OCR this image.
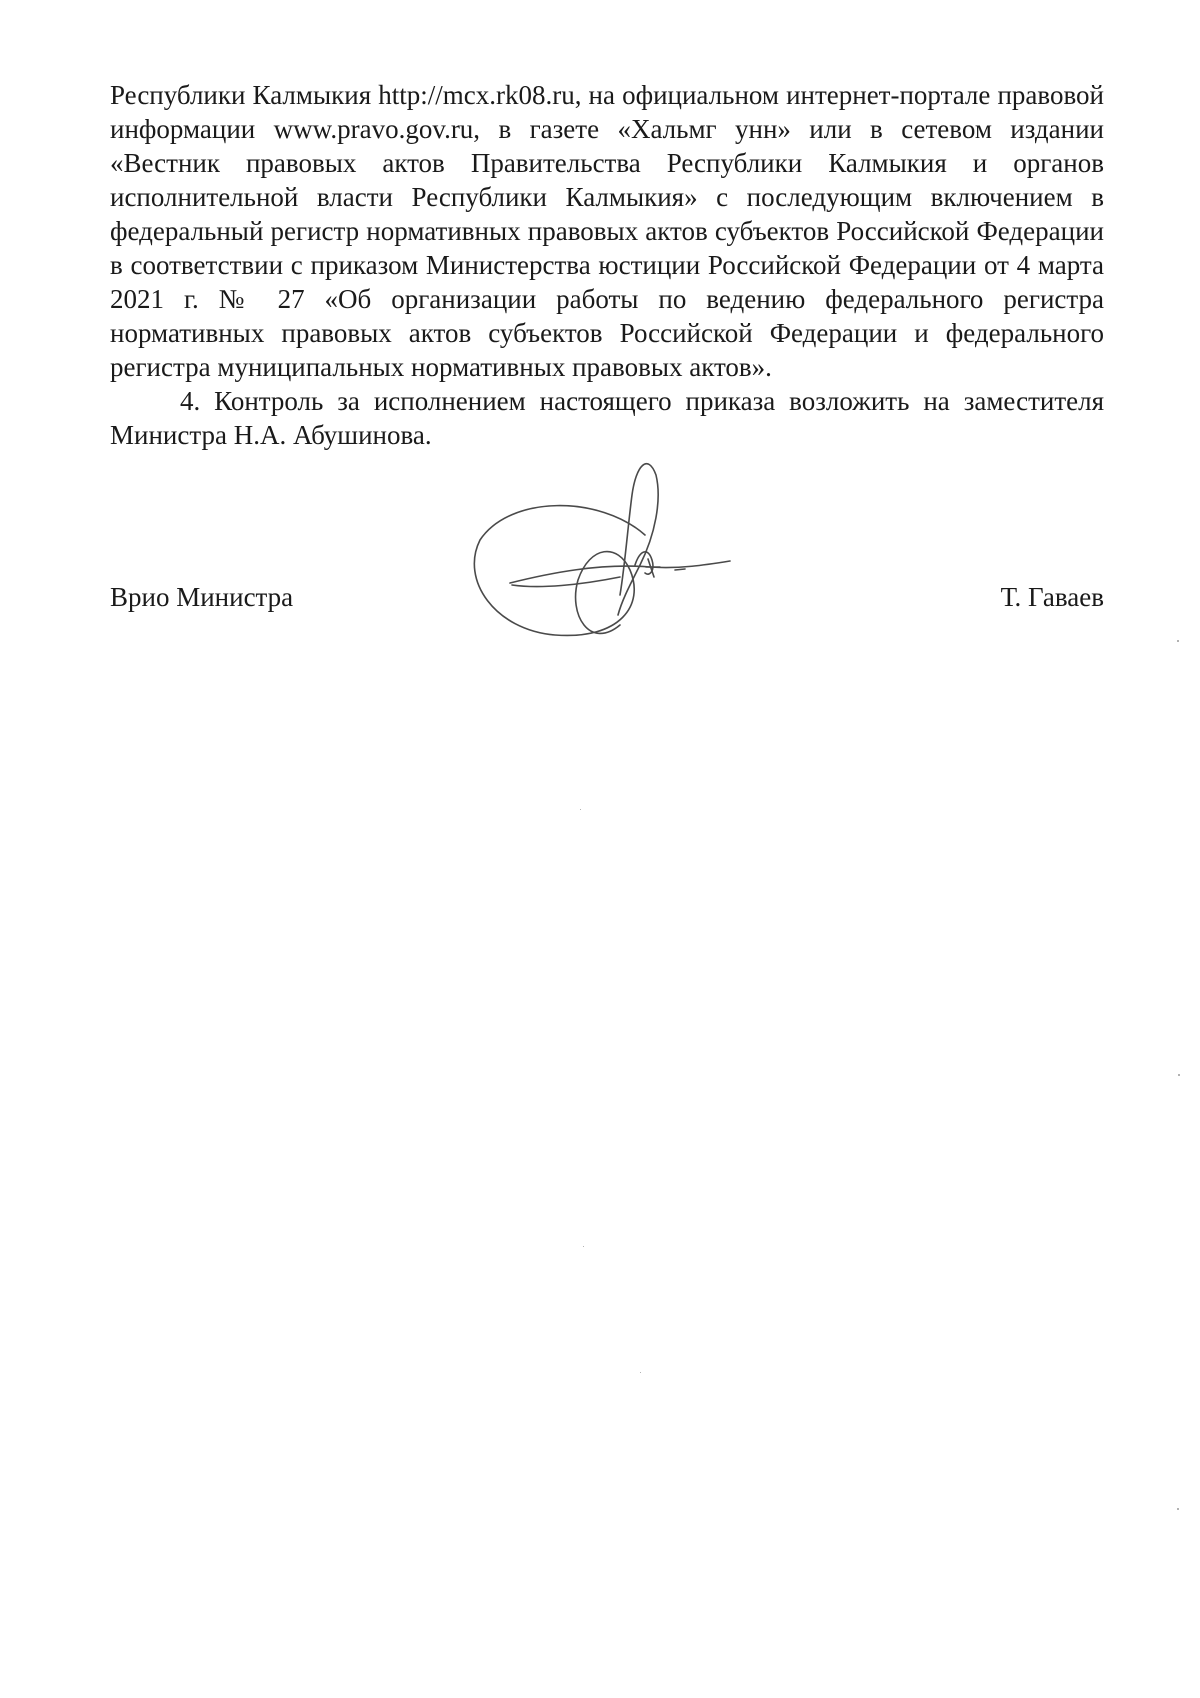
Республики Калмыкия http://mcx.rk08.ru, на официальном интернет-портале правовой информации www.pravo.gov.ru, в газете «Хальмг унн» или в сетевом издании «Вестник правовых актов Правительства Республики Калмыкия и органов исполнительной власти Республики Калмыкия» с последующим включением в федеральный регистр нормативных правовых актов субъектов Российской Федерации в соответствии с приказом Министерства юстиции Российской Федерации от 4 марта 2021 г. № 27 «Об организации работы по ведению федерального регистра нормативных правовых актов субъектов Российской Федерации и федерального регистра муниципальных нормативных правовых актов».

4. Контроль за исполнением настоящего приказа возложить на заместителя Министра Н.А. Абушинова.

Врио Министра	Т. Гаваев
